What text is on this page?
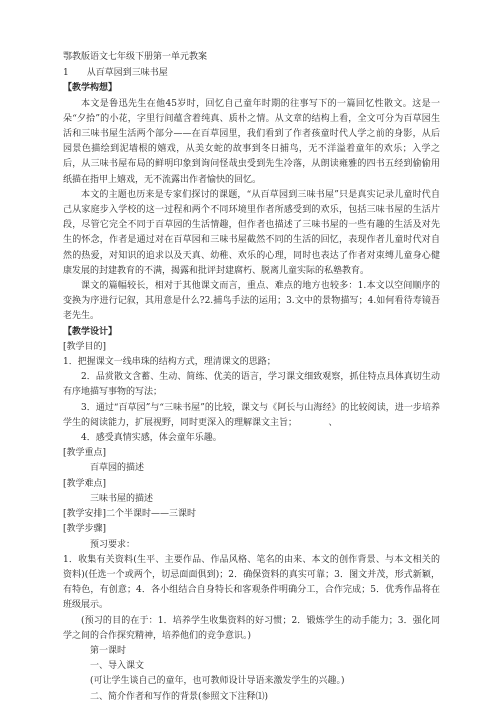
鄂教版语文七年级下册第一单元教案

1　　从百草园到三味书屋

【教学构想】

本文是鲁迅先生在他45岁时，回忆自己童年时期的往事写下的一篇回忆性散文。这是一朵“夕拾”的小花，字里行间蕴含着纯真、质朴之情。从文章的结构上看，全文可分为百草园生活和三味书屋生活两个部分——在百草园里，我们看到了作者孩童时代人学之前的身影，从后园景色描绘到泥墙根的嬉戏，从美女蛇的故事到冬日捕鸟，无不洋溢着童年的欢乐；入学之后，从三味书屋布局的鲜明印象到询问怪哉虫受到先生冷落，从朗读雍雅的四书五经到偷偷用纸描在指甲上嬉戏，无不流露出作者愉快的回忆。

本文的主题也历来是专家们探讨的课题，“从百草园到三味书屋”只是真实记录儿童时代自己从家庭步入学校的这一过程和两个不同环境里作者所感受到的欢乐，包括三味书屋的生活片段，尽管它完全不同于百草园的生活情趣，但作者也描述了三味书屋的一些有趣的生活及对先生的怀念，作者是通过对在百草园和三味书屋截然不同的生活的回忆，表现作者儿童时代对自然的热爱，对知识的追求以及天真、幼稚、欢乐的心理，同时也表达了作者对束缚儿童身心健康发展的封建教育的不满，揭露和批评封建腐朽、脱离儿童实际的私塾教育。

课文的篇幅较长，相对于其他课文而言，重点、难点的地方也较多：1.本文以空间顺序的变换为序进行记叙，其用意是什么?2.捕鸟手法的运用；3.文中的景物描写；4.如何看待寿镜吾老先生。

【教学设计】

[教学目的]

1．把握课文一线串珠的结构方式，理清课文的思路；

2．品赏散文含蓄、生动、简练、优美的语言，学习课文细致观察，抓住特点具体真切生动有序地描写事物的写法；

3．通过“百草园”与“三味书屋”的比较，课文与《阿长与山海经》的比较阅读，进一步培养学生的阅读能力，扩展视野，同时更深入的理解课文主旨；　　　　、

4．感受真情实感，体会童年乐趣。

[教学重点]

百草园的描述

[教学难点]

三味书屋的描述

[教学安排]二个半课时——三课时

[教学步骤]

预习要求：

1．收集有关资料(生平、主要作品、作品风格、笔名的由来、本文的创作背景、与本文相关的资料)(任选一个或两个，切忌面面俱到)；2．确保资料的真实可靠；3．图文并茂，形式新颖，有特色，有创意；4．各小组结合自身特长和客观条件明确分工，合作完成；5．优秀作品将在班级展示。

(预习的目的在于：1．培养学生收集资料的好习惯；2．锻炼学生的动手能力；3．强化同学之间的合作探究精神，培养他们的竞争意识。)

第一课时

一、导入课文

(可让学生谈自己的童年，也可教师设计导语来激发学生的兴趣。)

二、简介作者和写作的背景(参照文下注释⑴)
